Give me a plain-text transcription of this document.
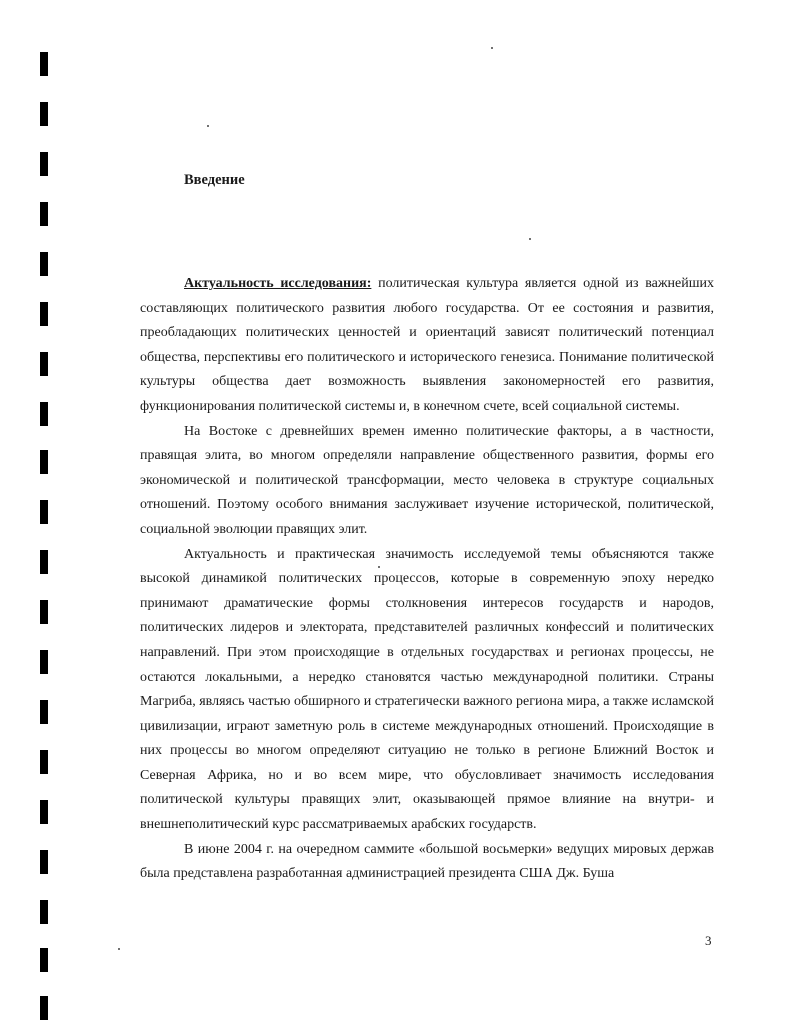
Введение

Актуальность исследования: политическая культура является одной из важнейших составляющих политического развития любого государства. От ее состояния и развития, преобладающих политических ценностей и ориентаций зависят политический потенциал общества, перспективы его политического и исторического генезиса. Понимание политической культуры общества дает возможность выявления закономерностей его развития, функционирования политической системы и, в конечном счете, всей социальной системы.

На Востоке с древнейших времен именно политические факторы, а в частности, правящая элита, во многом определяли направление общественного развития, формы его экономической и политической трансформации, место человека в структуре социальных отношений. Поэтому особого внимания заслуживает изучение исторической, политической, социальной эволюции правящих элит.

Актуальность и практическая значимость исследуемой темы объясняются также высокой динамикой политических процессов, которые в современную эпоху нередко принимают драматические формы столкновения интересов государств и народов, политических лидеров и электората, представителей различных конфессий и политических направлений. При этом происходящие в отдельных государствах и регионах процессы, не остаются локальными, а нередко становятся частью международной политики. Страны Магриба, являясь частью обширного и стратегически важного региона мира, а также исламской цивилизации, играют заметную роль в системе международных отношений. Происходящие в них процессы во многом определяют ситуацию не только в регионе Ближний Восток и Северная Африка, но и во всем мире, что обусловливает значимость исследования политической культуры правящих элит, оказывающей прямое влияние на внутри- и внешнеполитический курс рассматриваемых арабских государств.

В июне 2004 г. на очередном саммите «большой восьмерки» ведущих мировых держав была представлена разработанная администрацией президента США Дж. Буша

3
